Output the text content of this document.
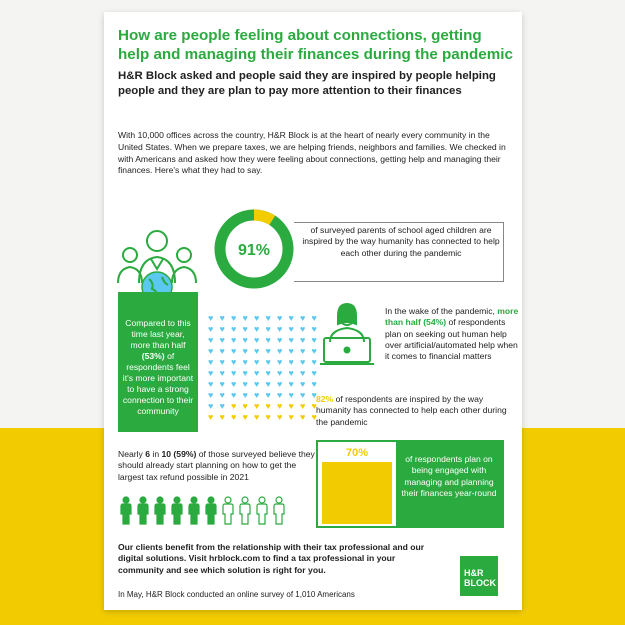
How are people feeling about connections, getting help and managing their finances during the pandemic

H&R Block asked and people said they are inspired by people helping people and they are plan to pay more attention to their finances

With 10,000 offices across the country, H&R Block is at the heart of nearly every community in the United States. When we prepare taxes, we are helping friends, neighbors and families. We checked in with Americans and asked how they were feeling about connections, getting help and managing their finances. Here's what they had to say.

Compared to this time last year, more than half (53%) of respondents feel it's more important to have a strong connection to their community
91%
of surveyed parents of school aged children are inspired by the way humanity has connected to help each other during the pandemic
♥ ♥ ♥ ♥ ♥ ♥ ♥ ♥ ♥ ♥
♥ ♥ ♥ ♥ ♥ ♥ ♥ ♥ ♥ ♥
♥ ♥ ♥ ♥ ♥ ♥ ♥ ♥ ♥ ♥
♥ ♥ ♥ ♥ ♥ ♥ ♥ ♥ ♥ ♥
♥ ♥ ♥ ♥ ♥ ♥ ♥ ♥ ♥ ♥
♥ ♥ ♥ ♥ ♥ ♥ ♥ ♥ ♥ ♥
♥ ♥ ♥ ♥ ♥ ♥ ♥ ♥ ♥ ♥
♥ ♥ ♥ ♥ ♥ ♥ ♥ ♥ ♥ ♥
♥ ♥ ♥ ♥ ♥ ♥ ♥ ♥ ♥ ♥
♥ ♥ ♥ ♥ ♥ ♥ ♥ ♥ ♥ ♥
In the wake of the pandemic, more than half (54%) of respondents plan on seeking out human help over artificial/automated help when it comes to financial matters
82% of respondents are inspired by the way humanity has connected to help each other during the pandemic
Nearly 6 in 10 (59%) of those surveyed believe they should already start planning on how to get the largest tax refund possible in 2021
70%	of respondents plan on being engaged with managing and planning their finances year-round

Our clients benefit from the relationship with their tax professional and our digital solutions. Visit hrblock.com to find a tax professional in your community and see which solution is right for you.

In May, H&R Block conducted an online survey of 1,010 Americans

H&R
BLOCK
